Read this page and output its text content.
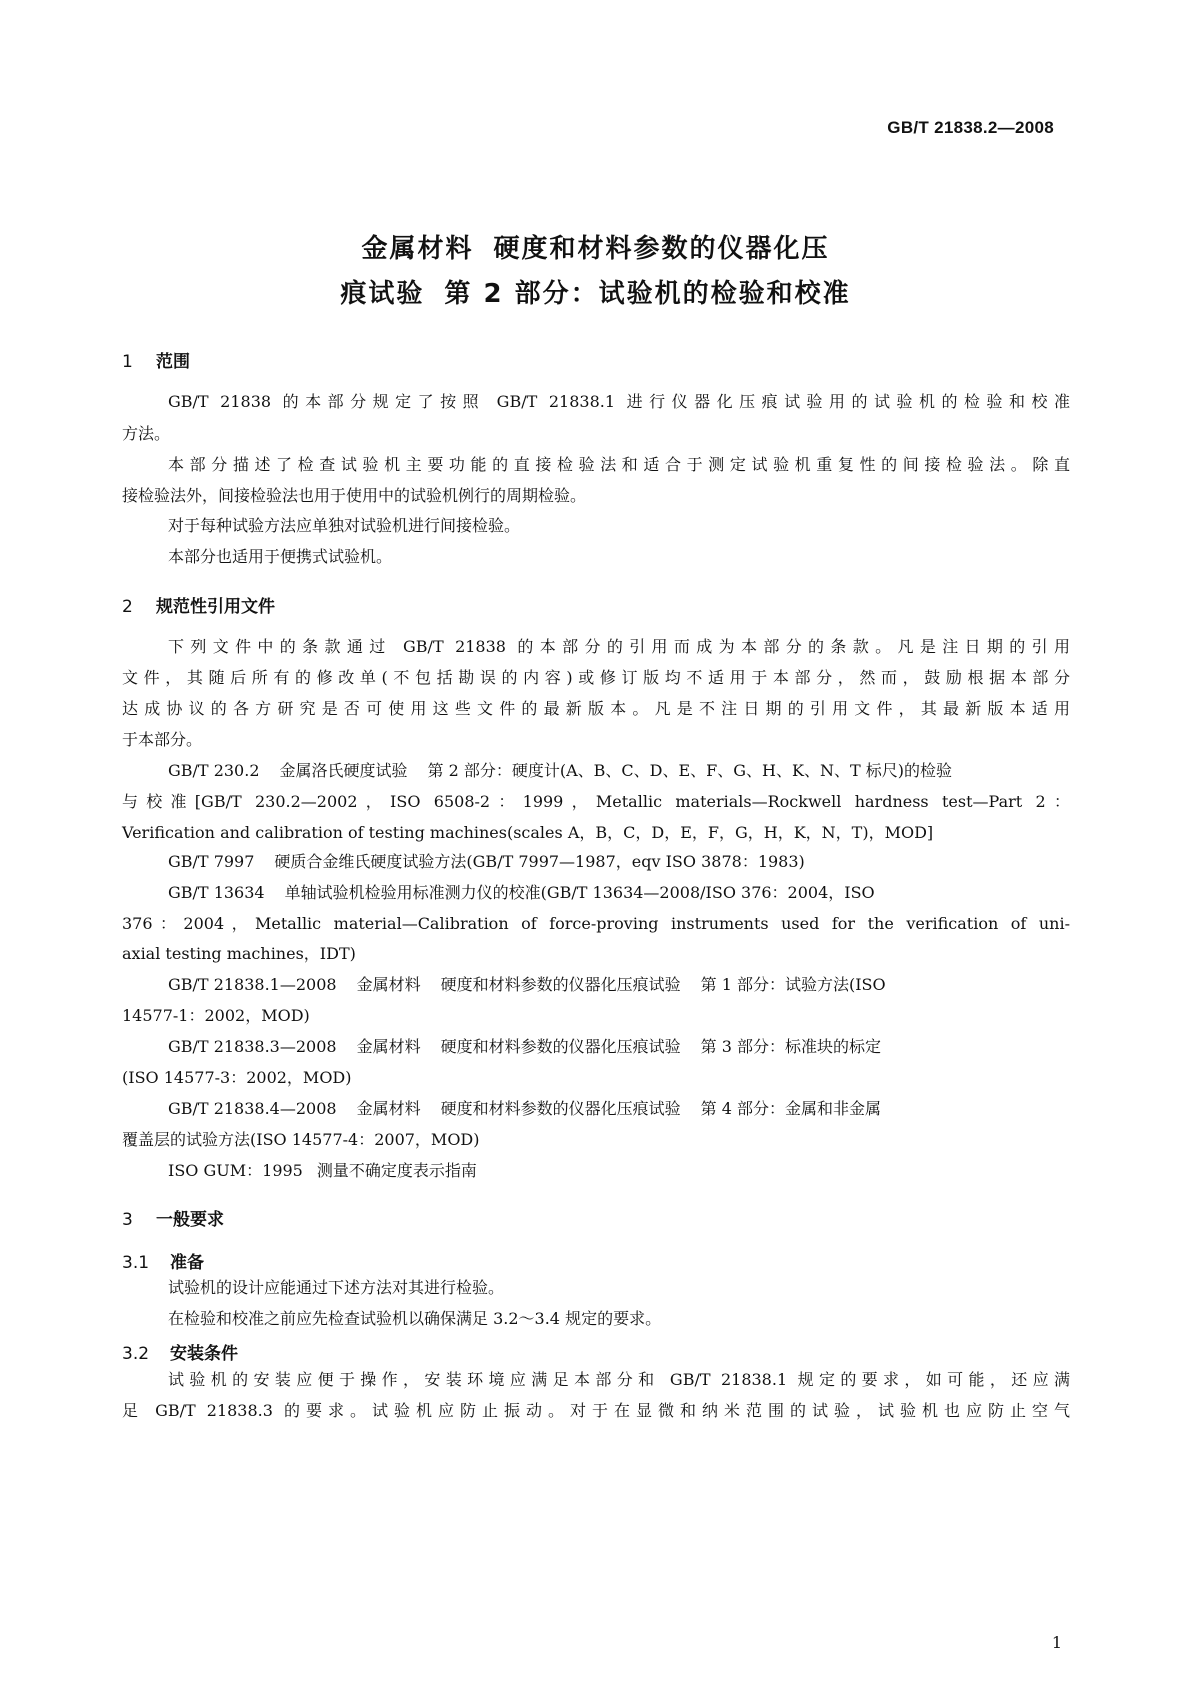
GB/T 21838.2—2008
金属材料 硬度和材料参数的仪器化压
痕试验 第 2 部分：试验机的检验和校准
1 范围
GB/T 21838 的本部分规定了按照 GB/T 21838.1 进行仪器化压痕试验用的试验机的检验和校准
方法。
本部分描述了检查试验机主要功能的直接检验法和适合于测定试验机重复性的间接检验法。除直
接检验法外，间接检验法也用于使用中的试验机例行的周期检验。
对于每种试验方法应单独对试验机进行间接检验。
本部分也适用于便携式试验机。
2 规范性引用文件
下列文件中的条款通过 GB/T 21838 的本部分的引用而成为本部分的条款。凡是注日期的引用
文件，其随后所有的修改单(不包括勘误的内容)或修订版均不适用于本部分，然而，鼓励根据本部分
达成协议的各方研究是否可使用这些文件的最新版本。凡是不注日期的引用文件，其最新版本适用
于本部分。
GB/T 230.2 金属洛氏硬度试验 第 2 部分：硬度计(A、B、C、D、E、F、G、H、K、N、T 标尺)的检验
与校准[GB/T 230.2—2002，ISO 6508-2：1999，Metallic materials—Rockwell hardness test—Part 2：
Verification and calibration of testing machines(scales A，B，C，D，E，F，G，H，K，N，T)，MOD]
GB/T 7997 硬质合金维氏硬度试验方法(GB/T 7997—1987，eqv ISO 3878：1983)
GB/T 13634 单轴试验机检验用标准测力仪的校准(GB/T 13634—2008/ISO 376：2004，ISO
376：2004，Metallic material—Calibration of force-proving instruments used for the verification of uni-
axial testing machines，IDT)
GB/T 21838.1—2008 金属材料 硬度和材料参数的仪器化压痕试验 第 1 部分：试验方法(ISO
14577-1：2002，MOD)
GB/T 21838.3—2008 金属材料 硬度和材料参数的仪器化压痕试验 第 3 部分：标准块的标定
(ISO 14577-3：2002，MOD)
GB/T 21838.4—2008 金属材料 硬度和材料参数的仪器化压痕试验 第 4 部分：金属和非金属
覆盖层的试验方法(ISO 14577-4：2007，MOD)
ISO GUM：1995 测量不确定度表示指南
3 一般要求
3.1 准备
试验机的设计应能通过下述方法对其进行检验。
在检验和校准之前应先检查试验机以确保满足 3.2～3.4 规定的要求。
3.2 安装条件
试验机的安装应便于操作，安装环境应满足本部分和 GB/T 21838.1 规定的要求，如可能，还应满
足 GB/T 21838.3 的要求。试验机应防止振动。对于在显微和纳米范围的试验，试验机也应防止空气
1
